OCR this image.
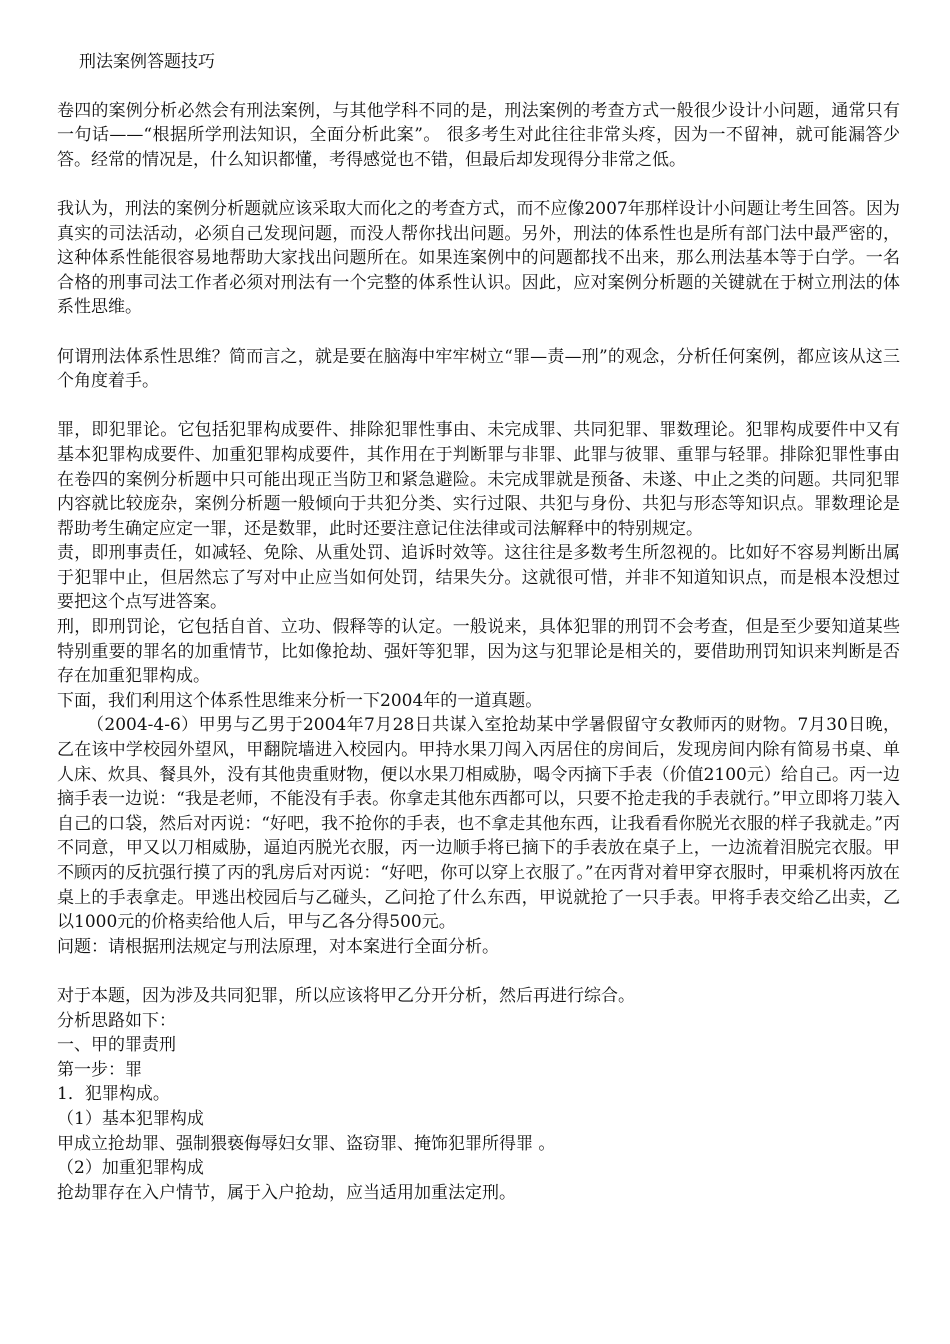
刑法案例答题技巧

卷四的案例分析必然会有刑法案例，与其他学科不同的是，刑法案例的考查方式一般很少设计小问题，通常只有一句话——“根据所学刑法知识，全面分析此案”。 很多考生对此往往非常头疼，因为一不留神，就可能漏答少答。经常的情况是，什么知识都懂，考得感觉也不错，但最后却发现得分非常之低。

我认为，刑法的案例分析题就应该采取大而化之的考查方式，而不应像2007年那样设计小问题让考生回答。因为真实的司法活动，必须自己发现问题，而没人帮你找出问题。另外，刑法的体系性也是所有部门法中最严密的，这种体系性能很容易地帮助大家找出问题所在。如果连案例中的问题都找不出来，那么刑法基本等于白学。一名合格的刑事司法工作者必须对刑法有一个完整的体系性认识。因此，应对案例分析题的关键就在于树立刑法的体系性思维。

何谓刑法体系性思维？简而言之，就是要在脑海中牢牢树立“罪—责—刑”的观念，分析任何案例，都应该从这三个角度着手。

罪，即犯罪论。它包括犯罪构成要件、排除犯罪性事由、未完成罪、共同犯罪、罪数理论。犯罪构成要件中又有基本犯罪构成要件、加重犯罪构成要件，其作用在于判断罪与非罪、此罪与彼罪、重罪与轻罪。排除犯罪性事由在卷四的案例分析题中只可能出现正当防卫和紧急避险。未完成罪就是预备、未遂、中止之类的问题。共同犯罪内容就比较庞杂，案例分析题一般倾向于共犯分类、实行过限、共犯与身份、共犯与形态等知识点。罪数理论是帮助考生确定应定一罪，还是数罪，此时还要注意记住法律或司法解释中的特别规定。

责，即刑事责任，如减轻、免除、从重处罚、追诉时效等。这往往是多数考生所忽视的。比如好不容易判断出属于犯罪中止，但居然忘了写对中止应当如何处罚，结果失分。这就很可惜，并非不知道知识点，而是根本没想过要把这个点写进答案。

刑，即刑罚论，它包括自首、立功、假释等的认定。一般说来，具体犯罪的刑罚不会考查，但是至少要知道某些特别重要的罪名的加重情节，比如像抢劫、强奸等犯罪，因为这与犯罪论是相关的，要借助刑罚知识来判断是否存在加重犯罪构成。

下面，我们利用这个体系性思维来分析一下2004年的一道真题。

（2004-4-6）甲男与乙男于2004年7月28日共谋入室抢劫某中学暑假留守女教师丙的财物。7月30日晚，乙在该中学校园外望风，甲翻院墙进入校园内。甲持水果刀闯入丙居住的房间后，发现房间内除有简易书桌、单人床、炊具、餐具外，没有其他贵重财物，便以水果刀相威胁，喝令丙摘下手表（价值2100元）给自己。丙一边摘手表一边说：“我是老师，不能没有手表。你拿走其他东西都可以，只要不抢走我的手表就行。”甲立即将刀装入自己的口袋，然后对丙说：“好吧，我不抢你的手表，也不拿走其他东西，让我看看你脱光衣服的样子我就走。”丙不同意，甲又以刀相威胁，逼迫丙脱光衣服，丙一边顺手将已摘下的手表放在桌子上，一边流着泪脱完衣服。甲不顾丙的反抗强行摸了丙的乳房后对丙说：“好吧，你可以穿上衣服了。”在丙背对着甲穿衣服时，甲乘机将丙放在桌上的手表拿走。甲逃出校园后与乙碰头，乙问抢了什么东西，甲说就抢了一只手表。甲将手表交给乙出卖，乙以1000元的价格卖给他人后，甲与乙各分得500元。

问题：请根据刑法规定与刑法原理，对本案进行全面分析。

对于本题，因为涉及共同犯罪，所以应该将甲乙分开分析，然后再进行综合。

分析思路如下：

一、甲的罪责刑

第一步：罪

1．犯罪构成。

（1）基本犯罪构成

甲成立抢劫罪、强制猥亵侮辱妇女罪、盗窃罪、掩饰犯罪所得罪 。

（2）加重犯罪构成

抢劫罪存在入户情节，属于入户抢劫，应当适用加重法定刑。
